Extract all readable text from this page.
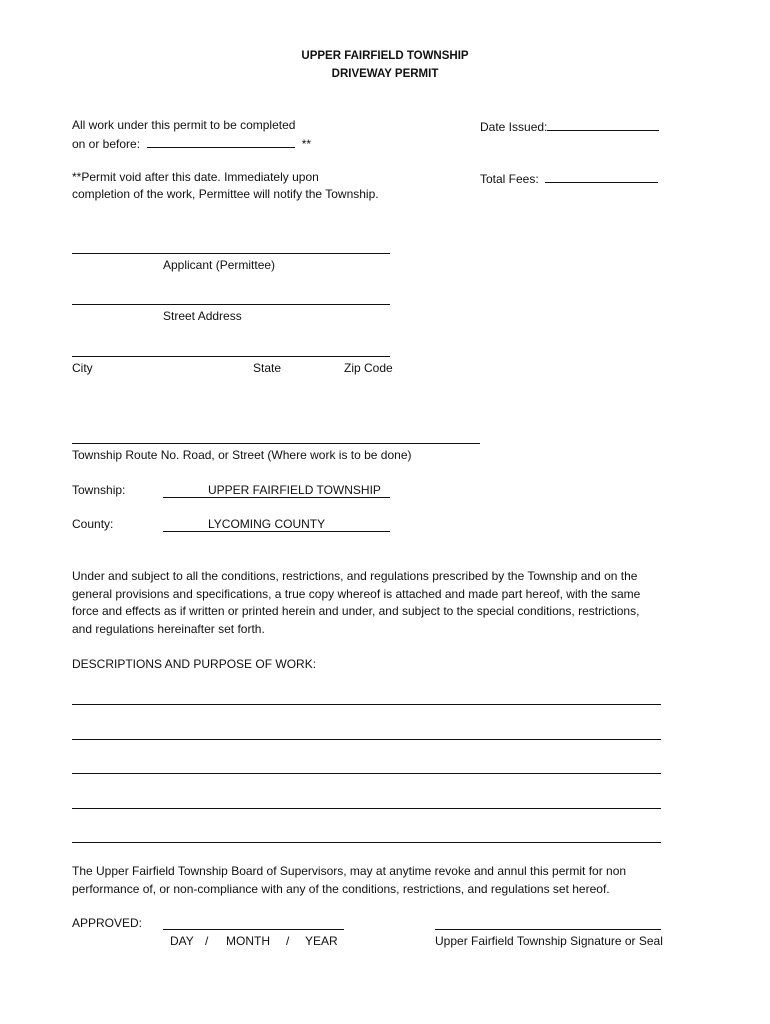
UPPER FAIRFIELD TOWNSHIP
DRIVEWAY PERMIT
All work under this permit to be completed
on or before:	**
**Permit void after this date. Immediately upon
completion of the work, Permittee will notify the Township.
Date Issued:
Total Fees:
Applicant (Permittee)
Street Address
City	State	Zip Code
Township Route No. Road, or Street (Where work is to be done)
Township:	UPPER FAIRFIELD TOWNSHIP
County:	LYCOMING COUNTY
Under and subject to all the conditions, restrictions, and regulations prescribed by the Township and on the
general provisions and specifications, a true copy whereof is attached and made part hereof, with the same
force and effects as if written or printed herein and under, and subject to the special conditions, restrictions,
and regulations hereinafter set forth.
DESCRIPTIONS AND PURPOSE OF WORK:
The Upper Fairfield Township Board of Supervisors, may at anytime revoke and annul this permit for non
performance of, or non-compliance with any of the conditions, restrictions, and regulations set hereof.
APPROVED:
DAY / MONTH / YEAR	Upper Fairfield Township Signature or Seal
